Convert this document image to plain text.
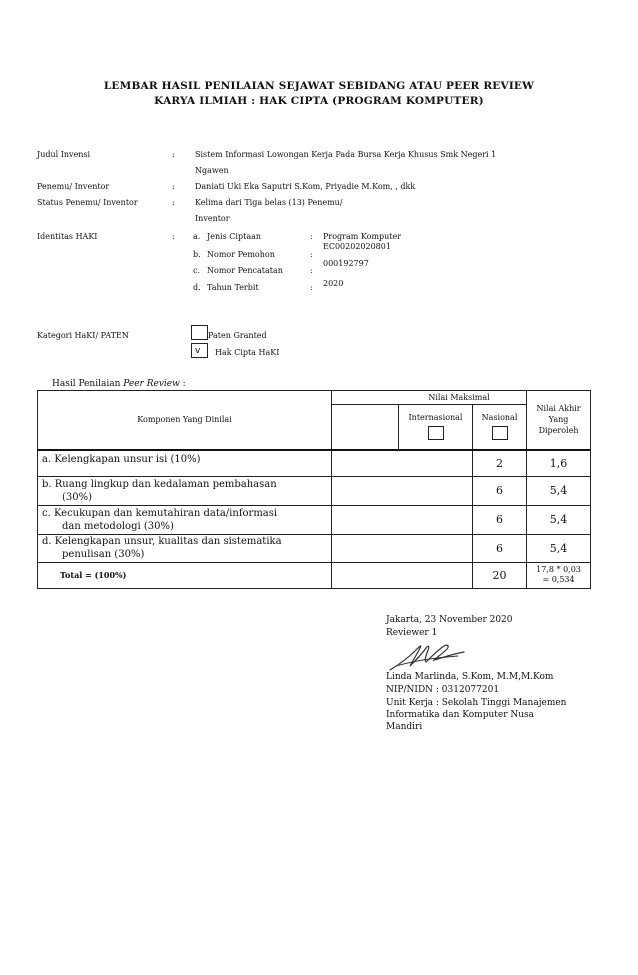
LEMBAR HASIL PENILAIAN SEJAWAT SEBIDANG ATAU PEER REVIEW
KARYA ILMIAH : HAK CIPTA (PROGRAM KOMPUTER)
Judul Invensi	:	Sistem Informasi Lowongan Kerja Pada Bursa Kerja Khusus Smk Negeri 1
Ngawen
Penemu/ Inventor	:	Daniati Uki Eka Saputri S.Kom, Priyadie M.Kom, , dkk
Status Penemu/ Inventor	:	Kelima dari Tiga belas (13) Penemu/
Inventor
Identitas HAKI	: a. Jenis Ciptaan	: Program Komputer
b. Nomor Pemohon	:
EC00202020801
c. Nomor Pencatatan	:
000192797
d. Tahun Terbit	: 2020
Kategori HaKI/ PATEN	Paten Granted
v Hak Cipta HaKI
Hasil Penilaian Peer Review :
Komponen Yang Dinilai	Nilai Maksimal			Nilai Akhir
Yang
Diperoleh

		Internasional	Nasional	

a. Kelengkapan unsur isi (10%)			2	1,6

b. Ruang lingkup dan kedalaman pembahasan
(30%)			6	5,4

c. Kecukupan dan kemutahiran data/informasi
dan metodologi (30%)			6	5,4

d. Kelengkapan unsur, kualitas dan sistematika
penulisan (30%)			6	5,4
Total = (100%)			20	17,8 * 0,03
= 0,534
Jakarta, 23 November 2020
Reviewer 1
Linda Marlinda, S.Kom, M.M,M.Kom
NIP/NIDN : 0312077201
Unit Kerja : Sekolah Tinggi Manajemen
Informatika dan Komputer Nusa
Mandiri
